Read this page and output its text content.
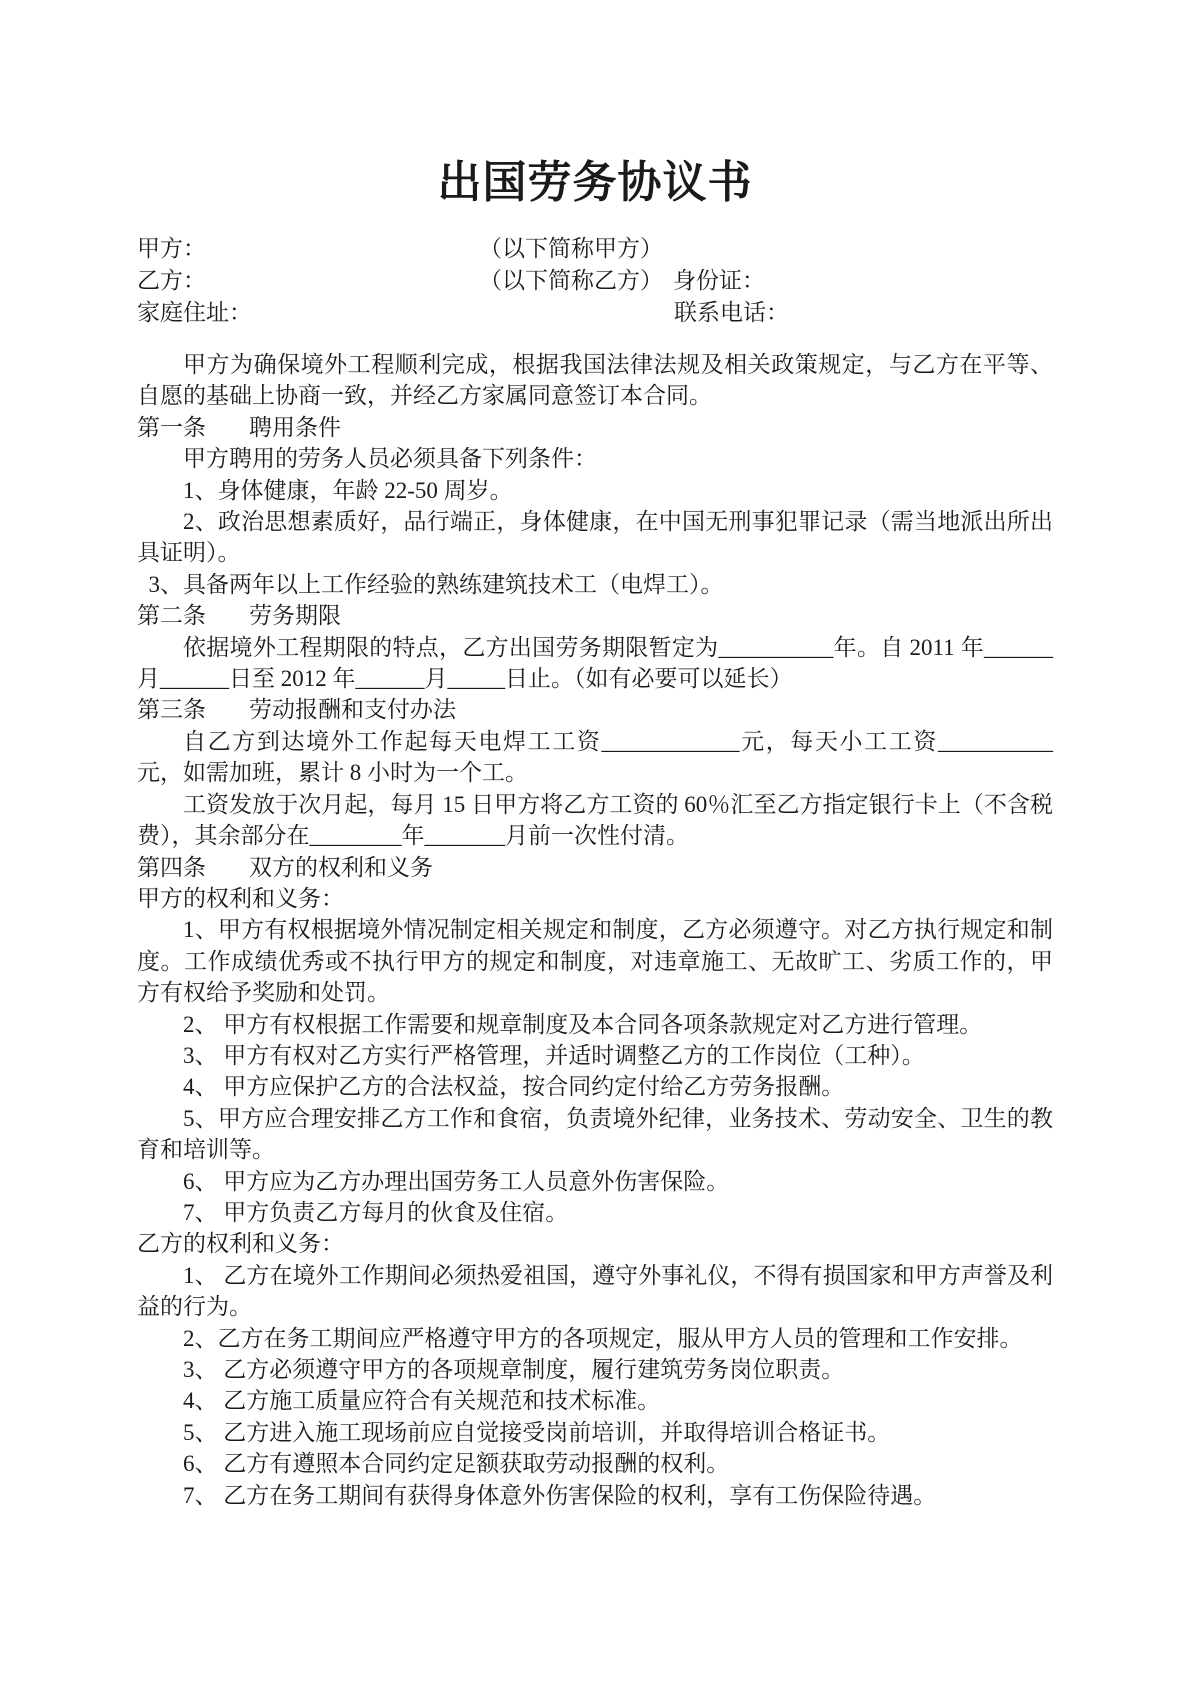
出国劳务协议书
甲方：	（以下简称甲方）
乙方：	（以下简称乙方） 身份证：
家庭住址：	联系电话：

甲方为确保境外工程顺利完成，根据我国法律法规及相关政策规定，与乙方在平等、自愿的基础上协商一致，并经乙方家属同意签订本合同。

第一条 聘用条件

甲方聘用的劳务人员必须具备下列条件：

1、身体健康，年龄 22-50 周岁。

2、政治思想素质好，品行端正，身体健康，在中国无刑事犯罪记录（需当地派出所出具证明）。

3、具备两年以上工作经验的熟练建筑技术工（电焊工）。

第二条 劳务期限

依据境外工程期限的特点，乙方出国劳务期限暂定为__________年。自 2011 年______月______日至 2012 年______月_____日止。（如有必要可以延长）

第三条 劳动报酬和支付办法

自乙方到达境外工作起每天电焊工工资____________元，每天小工工资__________元，如需加班，累计 8 小时为一个工。

工资发放于次月起，每月 15 日甲方将乙方工资的 60％汇至乙方指定银行卡上（不含税费），其余部分在________年_______月前一次性付清。

第四条 双方的权利和义务

甲方的权利和义务：

1、甲方有权根据境外情况制定相关规定和制度，乙方必须遵守。对乙方执行规定和制度。工作成绩优秀或不执行甲方的规定和制度，对违章施工、无故旷工、劣质工作的，甲方有权给予奖励和处罚。

2、 甲方有权根据工作需要和规章制度及本合同各项条款规定对乙方进行管理。

3、 甲方有权对乙方实行严格管理，并适时调整乙方的工作岗位（工种）。

4、 甲方应保护乙方的合法权益，按合同约定付给乙方劳务报酬。

5、甲方应合理安排乙方工作和食宿，负责境外纪律，业务技术、劳动安全、卫生的教育和培训等。

6、 甲方应为乙方办理出国劳务工人员意外伤害保险。

7、 甲方负责乙方每月的伙食及住宿。

乙方的权利和义务：

1、 乙方在境外工作期间必须热爱祖国，遵守外事礼仪，不得有损国家和甲方声誉及利益的行为。

2、乙方在务工期间应严格遵守甲方的各项规定，服从甲方人员的管理和工作安排。

3、 乙方必须遵守甲方的各项规章制度，履行建筑劳务岗位职责。

4、 乙方施工质量应符合有关规范和技术标准。

5、 乙方进入施工现场前应自觉接受岗前培训，并取得培训合格证书。

6、 乙方有遵照本合同约定足额获取劳动报酬的权利。

7、 乙方在务工期间有获得身体意外伤害保险的权利，享有工伤保险待遇。
